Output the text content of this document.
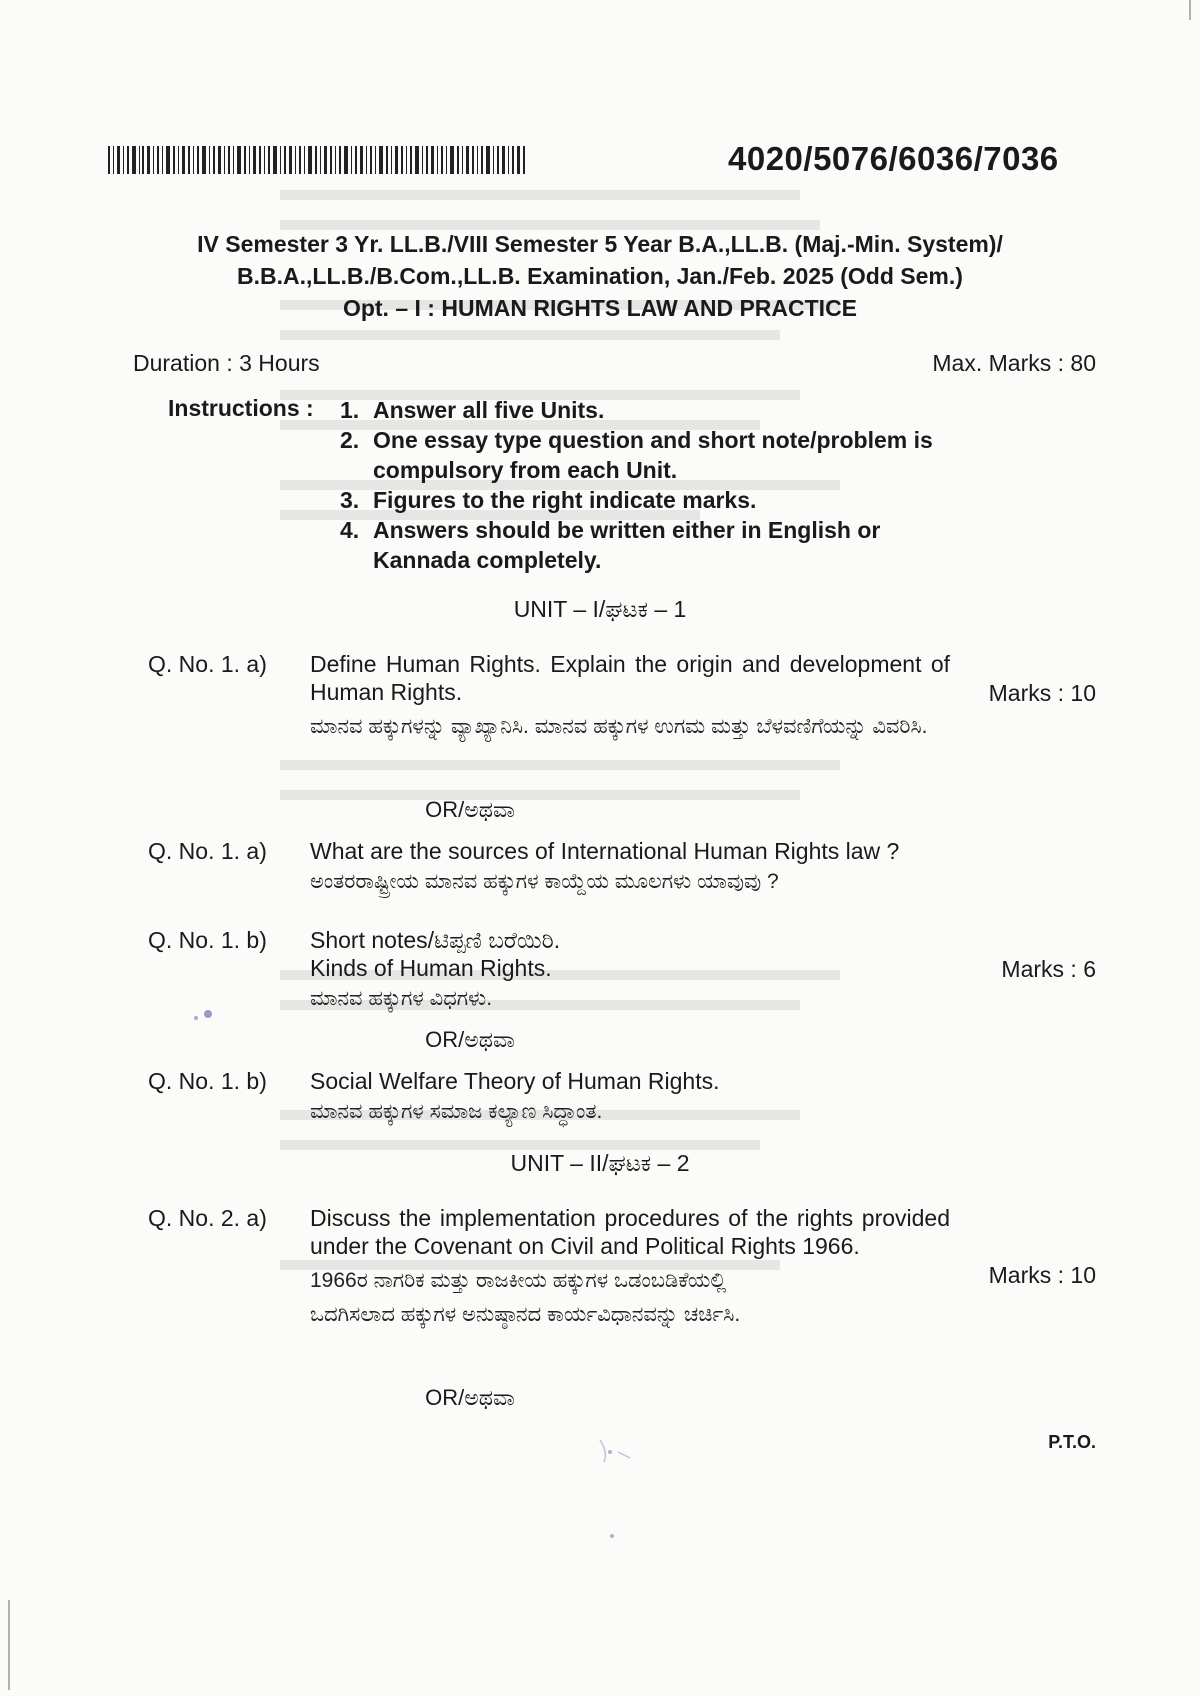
4020/5076/6036/7036
IV Semester 3 Yr. LL.B./VIII Semester 5 Year B.A.,LL.B. (Maj.-Min. System)/
B.B.A.,LL.B./B.Com.,LL.B. Examination, Jan./Feb. 2025 (Odd Sem.)
Opt. – I : HUMAN RIGHTS LAW AND PRACTICE
Duration : 3 Hours	Max. Marks : 80
Instructions : 1. Answer all five Units.
2. One essay type question and short note/problem is compulsory from each Unit.
3. Figures to the right indicate marks.
4. Answers should be written either in English or Kannada completely.
UNIT – I/ಘಟಕ – 1
Q. No. 1. a) Define Human Rights. Explain the origin and development of Human Rights.
ಮಾನವ ಹಕ್ಕುಗಳನ್ನು ವ್ಯಾಖ್ಯಾನಿಸಿ. ಮಾನವ ಹಕ್ಕುಗಳ ಉಗಮ ಮತ್ತು ಬೆಳವಣಿಗೆಯನ್ನು ವಿವರಿಸಿ.
Marks : 10
OR/ಅಥವಾ
Q. No. 1. a) What are the sources of International Human Rights law ?
ಅಂತರರಾಷ್ಟ್ರೀಯ ಮಾನವ ಹಕ್ಕುಗಳ ಕಾಯ್ದೆಯ ಮೂಲಗಳು ಯಾವುವು ?
Q. No. 1. b) Short notes/ಟಿಪ್ಪಣಿ ಬರೆಯಿರಿ.
Kinds of Human Rights.
ಮಾನವ ಹಕ್ಕುಗಳ ವಿಧಗಳು.
Marks : 6
OR/ಅಥವಾ
Q. No. 1. b) Social Welfare Theory of Human Rights.
ಮಾನವ ಹಕ್ಕುಗಳ ಸಮಾಜ ಕಲ್ಯಾಣ ಸಿದ್ಧಾಂತ.
UNIT – II/ಘಟಕ – 2
Q. No. 2. a) Discuss the implementation procedures of the rights provided under the Covenant on Civil and Political Rights 1966.
1966ರ ನಾಗರಿಕ ಮತ್ತು ರಾಜಕೀಯ ಹಕ್ಕುಗಳ ಒಡಂಬಡಿಕೆಯಲ್ಲಿ
ಒದಗಿಸಲಾದ ಹಕ್ಕುಗಳ ಅನುಷ್ಠಾನದ ಕಾರ್ಯವಿಧಾನವನ್ನು ಚರ್ಚಿಸಿ.
Marks : 10
OR/ಅಥವಾ
P.T.O.
